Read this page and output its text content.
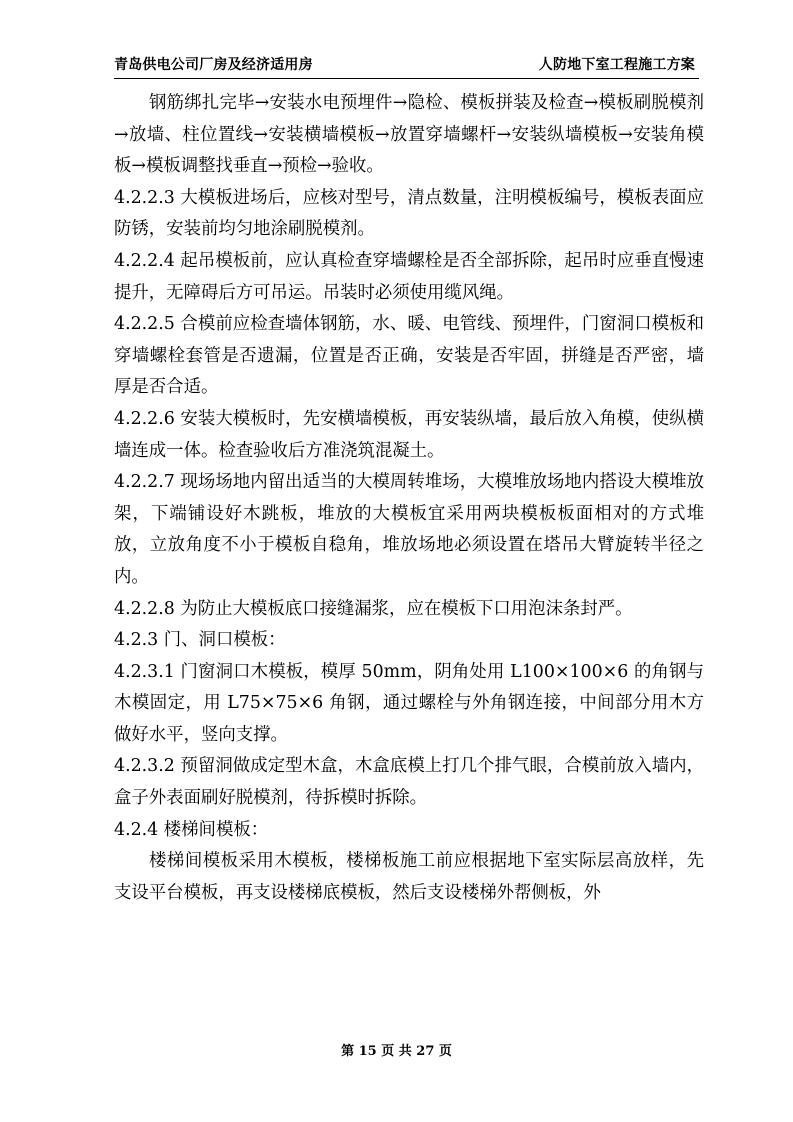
青岛供电公司厂房及经济适用房	人防地下室工程施工方案

钢筋绑扎完毕→安装水电预埋件→隐检、模板拼装及检查→模板刷脱模剂→放墙、柱位置线→安装横墙模板→放置穿墙螺杆→安装纵墙模板→安装角模板→模板调整找垂直→预检→验收。

4.2.2.3 大模板进场后，应核对型号，清点数量，注明模板编号，模板表面应防锈，安装前均匀地涂刷脱模剂。

4.2.2.4 起吊模板前，应认真检查穿墙螺栓是否全部拆除，起吊时应垂直慢速提升，无障碍后方可吊运。吊装时必须使用缆风绳。

4.2.2.5 合模前应检查墙体钢筋，水、暖、电管线、预埋件，门窗洞口模板和穿墙螺栓套管是否遗漏，位置是否正确，安装是否牢固，拼缝是否严密，墙厚是否合适。

4.2.2.6 安装大模板时，先安横墙模板，再安装纵墙，最后放入角模，使纵横墙连成一体。检查验收后方准浇筑混凝土。

4.2.2.7 现场场地内留出适当的大模周转堆场，大模堆放场地内搭设大模堆放架，下端铺设好木跳板，堆放的大模板宜采用两块模板板面相对的方式堆放，立放角度不小于模板自稳角，堆放场地必须设置在塔吊大臂旋转半径之内。

4.2.2.8 为防止大模板底口接缝漏浆，应在模板下口用泡沫条封严。

4.2.3 门、洞口模板：

4.2.3.1 门窗洞口木模板，模厚 50mm，阴角处用 L100×100×6 的角钢与木模固定，用 L75×75×6 角钢，通过螺栓与外角钢连接，中间部分用木方做好水平，竖向支撑。

4.2.3.2 预留洞做成定型木盒，木盒底模上打几个排气眼，合模前放入墙内，盒子外表面刷好脱模剂，待拆模时拆除。

4.2.4 楼梯间模板：

楼梯间模板采用木模板，楼梯板施工前应根据地下室实际层高放样，先支设平台模板，再支设楼梯底模板，然后支设楼梯外帮侧板，外

第 15 页 共 27 页
